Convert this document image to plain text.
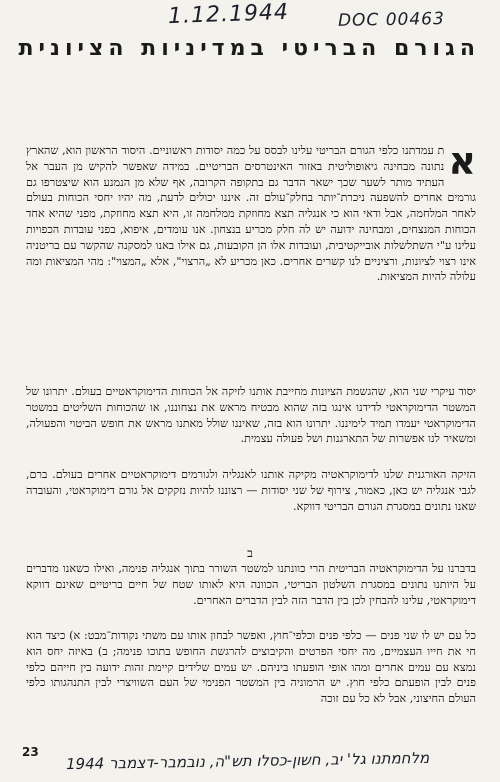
1.12.1944	DOC 00463
הגורם הבריטי במדיניות הציונית

א
ת עמדתנו כלפי הגורם הבריטי עלינו לבסס על כמה יסודות ראשוניים. היסוד הראשון הוא, שהארץ נתונה מבחינה גיאופוליטית באזור האינטרסים הבריטיים. במידה שאפשר להקיש מן העבר אל העתיד מותר לשער שכך ישאר הדבר גם בתקופה הקרובה, אף שלא מן הנמנע הוא שיצטרפו גם גורמים אחרים להשפעה ניכרת־יותר בחלק־עולם זה. איננו יכולים לדעת, מה יהיו יחסי הכוחות בעולם לאחר המלחמה, אבל ודאי הוא כי אנגליה תצא מחוזקת ממלחמה זו, היא תצא מחוזקת, מפני שהיא אחד הכוחות המנצחים, ומבחינה ידועה יש לה חלק מכריע בנצחון. אנו עומדים, איפוא, בפני עובדות הכפויות עלינו ע"י השתלשלות אובייקטיבית, ועובדות אלו הן הקובעות, גם אילו באנו למסקנה שהקשר עם בריטניה אינו רצוי לציונות, ורציניים לנו קשרים אחרים. כאן מכריע לא „הרצוי", אלא „המצוי": מהי המציאות ומה עלולה להיות המציאות.

יסוד עיקרי שני הוא, שהגשמת הציונות מחייבת אותנו לזיקה אל הכוחות הדימוקראטיים בעולם. יתרונו של המשטר הדימוקראטי לדידנו אינגו בזה שהוא מבטיח מראש את נצחוננו, או שהכוחות השליטים במשטר הדימוקראטי יעמדו תמיד לימיננו. יתרונו הוא בזה, שאיננו שולל מאתנו מראש את חופש הביטוי והפעולה, ומשאיר לנו אפשרות של התארגנות ושל פעולה עצמית.

הזיקה האורגנית שלנו לדימוקראטיה מקיקה אותנו לאנגליה ולגורמים דימוקראטיים אחרים בעולם. ברם, לגבי אנגליה יש כאן, כאמור, צירוף של שני יסודות — רצוננו להיות נזקקים אל גורם דימוקראטי, והעובדה שאנו נתונים במסגרת הגורם הבריטי דווקא.

ב

בדברנו על הדימוקראטיה הבריטית הרי כוונתנו למשטר השורר בתוך אנגליה פנימה, ואילו כשאנו מדברים על היותנו נתונים במסגרת השלטון הבריטי, הכוונה היא לאותו שטח של חיים בריטיים שאינם דווקא דימוקראטי, עלינו להבחין לכן בין הדבר הזה לבין הדברים האחרים.

כל עם יש לו שני פנים — כלפי פנים וכלפי־חוץ, ואפשר לבחון אותו עם משתי נקודות־מבט: א) כיצד הוא חי את חייו העצמיים, מה יחסי הפרטים והקיבוצים להרגשת החופש בתוכו פנימה; ב) באיזה יחס הוא נמצא עם עמים אחרים ומהו אופי הופעתו ביניהם. יש עמים שלידים קיימת זהות ידועה בין חייהם כלפי פנים לבין הופעתם כלפי חוץ. יש הרמוניה בין המשטר הפנימי של העם השוויצרי לבין התנהגותו כלפי העולם החיצוני, אבל לא כל עם זוכה

23
מלחמתנו גל' יב, חשון-כסלו תש"ה, נובמבר-דצמבר 1944
